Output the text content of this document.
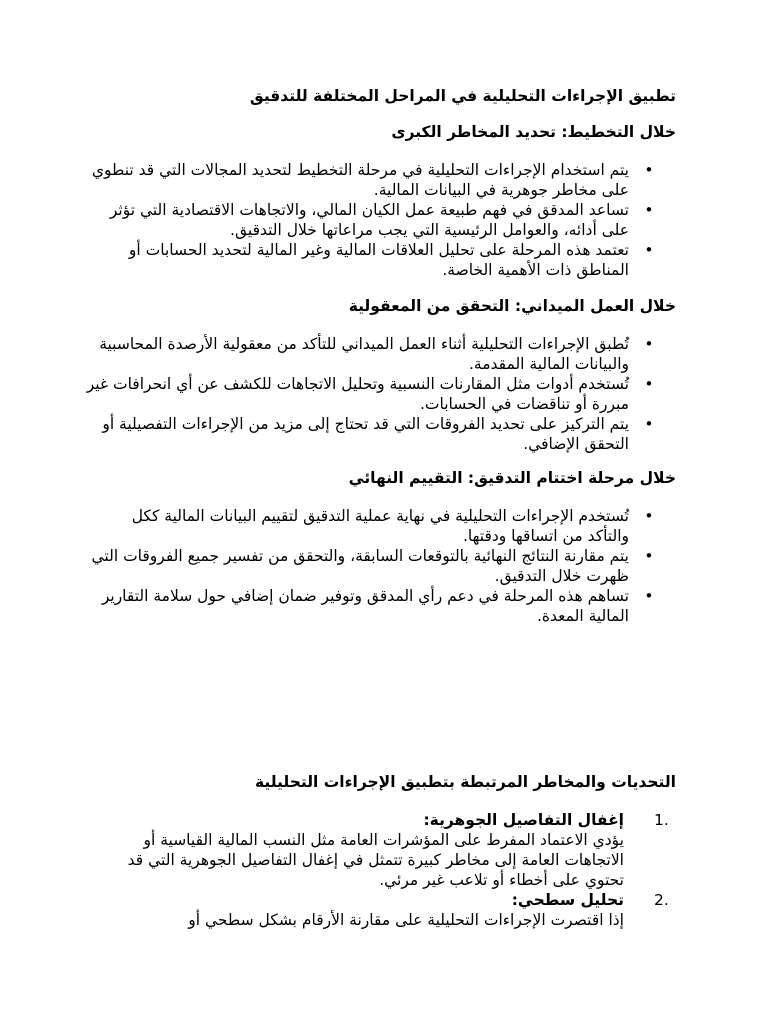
تطبيق الإجراءات التحليلية في المراحل المختلفة للتدقيق
خلال التخطيط: تحديد المخاطر الكبرى
•
يتم استخدام الإجراءات التحليلية في مرحلة التخطيط لتحديد المجالات التي قد تنطوي على مخاطر جوهرية في البيانات المالية.
•
تساعد المدقق في فهم طبيعة عمل الكيان المالي، والاتجاهات الاقتصادية التي تؤثر على أدائه، والعوامل الرئيسية التي يجب مراعاتها خلال التدقيق.
•
تعتمد هذه المرحلة على تحليل العلاقات المالية وغير المالية لتحديد الحسابات أو المناطق ذات الأهمية الخاصة.
خلال العمل الميداني: التحقق من المعقولية
•
تُطبق الإجراءات التحليلية أثناء العمل الميداني للتأكد من معقولية الأرصدة المحاسبية والبيانات المالية المقدمة.
•
تُستخدم أدوات مثل المقارنات النسبية وتحليل الاتجاهات للكشف عن أي انحرافات غير مبررة أو تناقضات في الحسابات.
•
يتم التركيز على تحديد الفروقات التي قد تحتاج إلى مزيد من الإجراءات التفصيلية أو التحقق الإضافي.
خلال مرحلة اختتام التدقيق: التقييم النهائي
•
تُستخدم الإجراءات التحليلية في نهاية عملية التدقيق لتقييم البيانات المالية ككل والتأكد من اتساقها ودقتها.
•
يتم مقارنة النتائج النهائية بالتوقعات السابقة، والتحقق من تفسير جميع الفروقات التي ظهرت خلال التدقيق.
•
تساهم هذه المرحلة في دعم رأي المدقق وتوفير ضمان إضافي حول سلامة التقارير المالية المعدة.
التحديات والمخاطر المرتبطة بتطبيق الإجراءات التحليلية
1.
إغفال التفاصيل الجوهرية:
يؤدي الاعتماد المفرط على المؤشرات العامة مثل النسب المالية القياسية أو الاتجاهات العامة إلى مخاطر كبيرة تتمثل في إغفال التفاصيل الجوهرية التي قد تحتوي على أخطاء أو تلاعب غير مرئي.
2.
تحليل سطحي:
إذا اقتصرت الإجراءات التحليلية على مقارنة الأرقام بشكل سطحي أو
